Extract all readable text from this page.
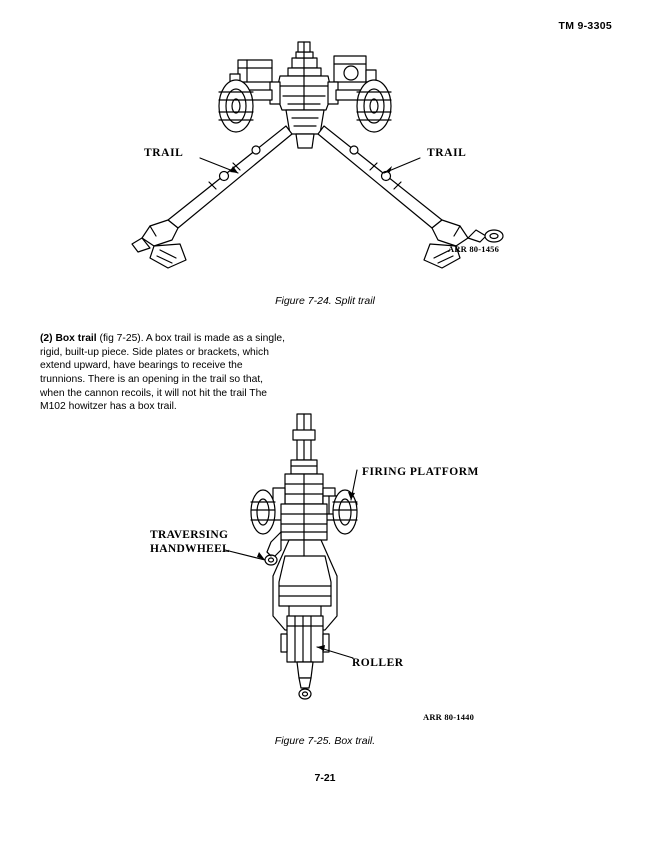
TM 9-3305
TRAIL	TRAIL
ARR 80-1456
Figure 7-24. Split trail

(2) Box trail (fig 7-25). A box trail is made as a single, rigid, built-up piece. Side plates or brackets, which extend upward, have bearings to receive the trunnions. There is an opening in the trail so that, when the cannon recoils, it will not hit the trail The M102 howitzer has a box trail.

FIRING PLATFORM
TRAVERSING
HANDWHEEL
ROLLER
ARR 80-1440
Figure 7-25. Box trail.
7-21
